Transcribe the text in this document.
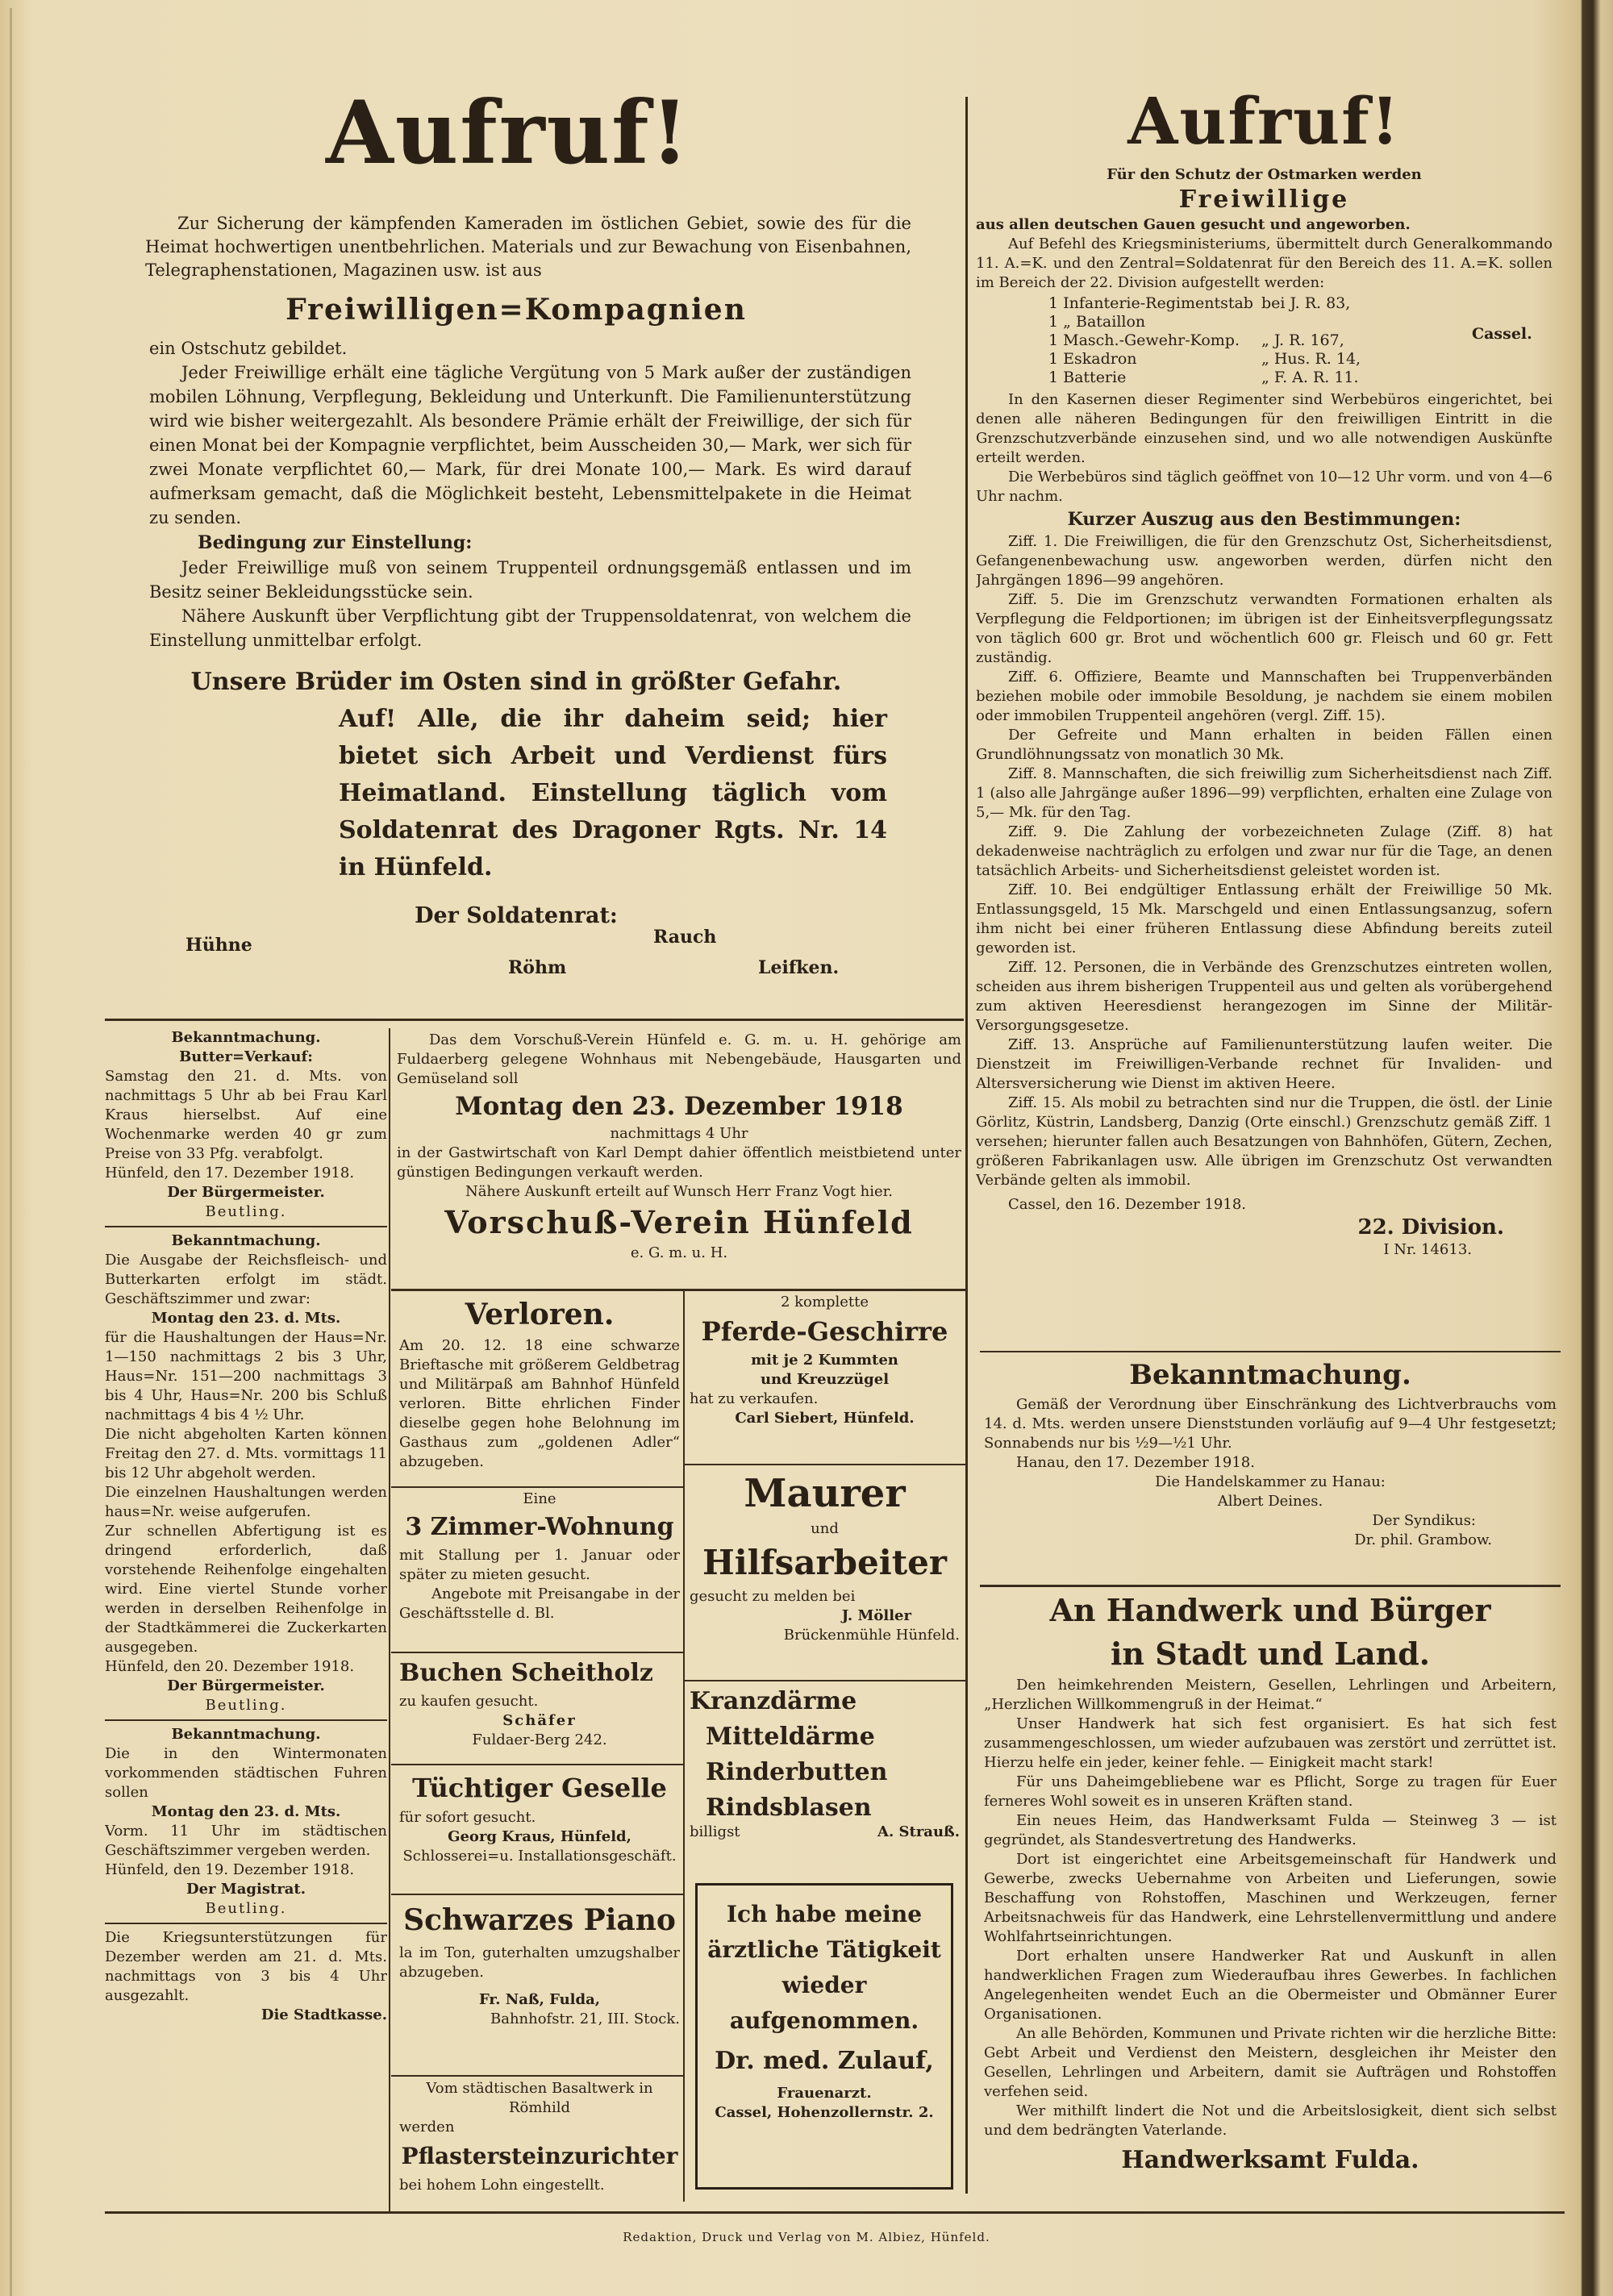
Aufruf!

Zur Sicherung der kämpfenden Kameraden im östlichen Gebiet, sowie des für die Heimat hochwertigen unentbehrlichen. Materials und zur Bewachung von Eisenbahnen, Telegraphenstationen, Magazinen usw. ist aus

Freiwilligen=Kompagnien

ein Ostschutz gebildet.

Jeder Freiwillige erhält eine tägliche Vergütung von 5 Mark außer der zuständigen mobilen Löhnung, Verpflegung, Bekleidung und Unterkunft. Die Familienunterstützung wird wie bisher weitergezahlt. Als besondere Prämie erhält der Freiwillige, der sich für einen Monat bei der Kompagnie verpflichtet, beim Ausscheiden 30,— Mark, wer sich für zwei Monate verpflichtet 60,— Mark, für drei Monate 100,— Mark. Es wird darauf aufmerksam gemacht, daß die Möglichkeit besteht, Lebensmittelpakete in die Heimat zu senden.

Bedingung zur Einstellung:

Jeder Freiwillige muß von seinem Truppenteil ordnungsgemäß entlassen und im Besitz seiner Bekleidungsstücke sein.

Nähere Auskunft über Verpflichtung gibt der Truppensoldatenrat, von welchem die Einstellung unmittelbar erfolgt.

Unsere Brüder im Osten sind in größter Gefahr.

Auf! Alle, die ihr daheim seid; hier bietet sich Arbeit und Verdienst fürs Heimatland. Einstellung täglich vom Soldatenrat des Dragoner Rgts. Nr. 14 in Hünfeld.

Der Soldatenrat:

Hühne	Rauch
Röhm	Leifken.

Bekanntmachung.

Butter=Verkauf:

Samstag den 21. d. Mts. von nachmittags 5 Uhr ab bei Frau Karl Kraus hierselbst. Auf eine Wochenmarke werden 40 gr zum Preise von 33 Pfg. verabfolgt.

Hünfeld, den 17. Dezember 1918.

Der Bürgermeister.

Beutling.

Bekanntmachung.

Die Ausgabe der Reichsfleisch- und Butterkarten erfolgt im städt. Geschäftszimmer und zwar:

Montag den 23. d. Mts.

für die Haushaltungen der Haus=Nr. 1—150 nachmittags 2 bis 3 Uhr, Haus=Nr. 151—200 nachmittags 3 bis 4 Uhr, Haus=Nr. 200 bis Schluß nachmittags 4 bis 4 ½ Uhr.

Die nicht abgeholten Karten können Freitag den 27. d. Mts. vormittags 11 bis 12 Uhr abgeholt werden.

Die einzelnen Haushaltungen werden haus=Nr. weise aufgerufen.

Zur schnellen Abfertigung ist es dringend erforderlich, daß vorstehende Reihenfolge eingehalten wird. Eine viertel Stunde vorher werden in derselben Reihenfolge in der Stadtkämmerei die Zuckerkarten ausgegeben.

Hünfeld, den 20. Dezember 1918.

Der Bürgermeister.

Beutling.

Bekanntmachung.

Die in den Wintermonaten vorkommenden städtischen Fuhren sollen

Montag den 23. d. Mts.

Vorm. 11 Uhr im städtischen Geschäftszimmer vergeben werden.

Hünfeld, den 19. Dezember 1918.

Der Magistrat.

Beutling.

Die Kriegsunterstützungen für Dezember werden am 21. d. Mts. nachmittags von 3 bis 4 Uhr ausgezahlt.

Die Stadtkasse.

Das dem Vorschuß-Verein Hünfeld e. G. m. u. H. gehörige am Fuldaerberg gelegene Wohnhaus mit Nebengebäude, Hausgarten und Gemüseland soll

Montag den 23. Dezember 1918

nachmittags 4 Uhr

in der Gastwirtschaft von Karl Dempt dahier öffentlich meistbietend unter günstigen Bedingungen verkauft werden.

Nähere Auskunft erteilt auf Wunsch Herr Franz Vogt hier.

Vorschuß-Verein Hünfeld

e. G. m. u. H.

Verloren.

Am 20. 12. 18 eine schwarze Brieftasche mit größerem Geldbetrag und Militärpaß am Bahnhof Hünfeld verloren. Bitte ehrlichen Finder dieselbe gegen hohe Belohnung im Gasthaus zum „goldenen Adler“ abzugeben.

2 komplette

Pferde-Geschirre

mit je 2 Kummten

und Kreuzzügel

hat zu verkaufen.

Carl Siebert, Hünfeld.

Eine

3 Zimmer-Wohnung

mit Stallung per 1. Januar oder später zu mieten gesucht.

Angebote mit Preisangabe in der Geschäftsstelle d. Bl.

Maurer

und

Hilfsarbeiter

gesucht zu melden bei

J. Möller

Brückenmühle Hünfeld.

Buchen Scheitholz

zu kaufen gesucht.

Schäfer

Fuldaer-Berg 242.

Kranzdärme

Mitteldärme

Rinderbutten

Rindsblasen

billigst	A. Strauß.

Tüchtiger Geselle

für sofort gesucht.

Georg Kraus, Hünfeld,

Schlosserei=u. Installationsgeschäft.

Schwarzes Piano

la im Ton, guterhalten umzugshalber abzugeben.

Fr. Naß, Fulda,

Bahnhofstr. 21, III. Stock.

Vom städtischen Basaltwerk in Römhild

werden

Pflastersteinzurichter

bei hohem Lohn eingestellt.

Ich habe meine

ärztliche Tätigkeit

wieder

aufgenommen.

Dr. med. Zulauf,

Frauenarzt.

Cassel, Hohenzollernstr. 2.

Aufruf!

Für den Schutz der Ostmarken werden

Freiwillige

aus allen deutschen Gauen gesucht und angeworben.

Auf Befehl des Kriegsministeriums, übermittelt durch Generalkommando 11. A.=K. und den Zentral=Soldatenrat für den Bereich des 11. A.=K. sollen im Bereich der 22. Division aufgestellt werden:

1 Infanterie-Regimentstab	bei J. R. 83,
1 „ Bataillon	
1 Masch.-Gewehr-Komp.	„ J. R. 167,
1 Eskadron	„ Hus. R. 14,
1 Batterie	„ F. A. R. 11.
Cassel.

In den Kasernen dieser Regimenter sind Werbebüros eingerichtet, bei denen alle näheren Bedingungen für den freiwilligen Eintritt in die Grenzschutzverbände einzusehen sind, und wo alle notwendigen Auskünfte erteilt werden.

Die Werbebüros sind täglich geöffnet von 10—12 Uhr vorm. und von 4—6 Uhr nachm.

Kurzer Auszug aus den Bestimmungen:

Ziff. 1. Die Freiwilligen, die für den Grenzschutz Ost, Sicherheitsdienst, Gefangenenbewachung usw. angeworben werden, dürfen nicht den Jahrgängen 1896—99 angehören.

Ziff. 5. Die im Grenzschutz verwandten Formationen erhalten als Verpflegung die Feldportionen; im übrigen ist der Einheitsverpflegungssatz von täglich 600 gr. Brot und wöchentlich 600 gr. Fleisch und 60 gr. Fett zuständig.

Ziff. 6. Offiziere, Beamte und Mannschaften bei Truppenverbänden beziehen mobile oder immobile Besoldung, je nachdem sie einem mobilen oder immobilen Truppenteil angehören (vergl. Ziff. 15).

Der Gefreite und Mann erhalten in beiden Fällen einen Grundlöhnungssatz von monatlich 30 Mk.

Ziff. 8. Mannschaften, die sich freiwillig zum Sicherheitsdienst nach Ziff. 1 (also alle Jahrgänge außer 1896—99) verpflichten, erhalten eine Zulage von 5,— Mk. für den Tag.

Ziff. 9. Die Zahlung der vorbezeichneten Zulage (Ziff. 8) hat dekadenweise nachträglich zu erfolgen und zwar nur für die Tage, an denen tatsächlich Arbeits- und Sicherheitsdienst geleistet worden ist.

Ziff. 10. Bei endgültiger Entlassung erhält der Freiwillige 50 Mk. Entlassungsgeld, 15 Mk. Marschgeld und einen Entlassungsanzug, sofern ihm nicht bei einer früheren Entlassung diese Abfindung bereits zuteil geworden ist.

Ziff. 12. Personen, die in Verbände des Grenzschutzes eintreten wollen, scheiden aus ihrem bisherigen Truppenteil aus und gelten als vorübergehend zum aktiven Heeresdienst herangezogen im Sinne der Militär-Versorgungsgesetze.

Ziff. 13. Ansprüche auf Familienunterstützung laufen weiter. Die Dienstzeit im Freiwilligen-Verbande rechnet für Invaliden- und Altersversicherung wie Dienst im aktiven Heere.

Ziff. 15. Als mobil zu betrachten sind nur die Truppen, die östl. der Linie Görlitz, Küstrin, Landsberg, Danzig (Orte einschl.) Grenzschutz gemäß Ziff. 1 versehen; hierunter fallen auch Besatzungen von Bahnhöfen, Gütern, Zechen, größeren Fabrikanlagen usw. Alle übrigen im Grenzschutz Ost verwandten Verbände gelten als immobil.

Cassel, den 16. Dezember 1918.

22. Division.

I Nr. 14613.

Bekanntmachung.

Gemäß der Verordnung über Einschränkung des Lichtverbrauchs vom 14. d. Mts. werden unsere Dienststunden vorläufig auf 9—4 Uhr festgesetzt; Sonnabends nur bis ½9—½1 Uhr.

Hanau, den 17. Dezember 1918.

Die Handelskammer zu Hanau:

Albert Deines.

Der Syndikus:

Dr. phil. Grambow.

An Handwerk und Bürger

in Stadt und Land.

Den heimkehrenden Meistern, Gesellen, Lehrlingen und Arbeitern, „Herzlichen Willkommengruß in der Heimat.“

Unser Handwerk hat sich fest organisiert. Es hat sich fest zusammengeschlossen, um wieder aufzubauen was zerstört und zerrüttet ist. Hierzu helfe ein jeder, keiner fehle. — Einigkeit macht stark!

Für uns Daheimgebliebene war es Pflicht, Sorge zu tragen für Euer ferneres Wohl soweit es in unseren Kräften stand.

Ein neues Heim, das Handwerksamt Fulda — Steinweg 3 — ist gegründet, als Standesvertretung des Handwerks.

Dort ist eingerichtet eine Arbeitsgemeinschaft für Handwerk und Gewerbe, zwecks Uebernahme von Arbeiten und Lieferungen, sowie Beschaffung von Rohstoffen, Maschinen und Werkzeugen, ferner Arbeitsnachweis für das Handwerk, eine Lehrstellenvermittlung und andere Wohlfahrtseinrichtungen.

Dort erhalten unsere Handwerker Rat und Auskunft in allen handwerklichen Fragen zum Wiederaufbau ihres Gewerbes. In fachlichen Angelegenheiten wendet Euch an die Obermeister und Obmänner Eurer Organisationen.

An alle Behörden, Kommunen und Private richten wir die herzliche Bitte: Gebt Arbeit und Verdienst den Meistern, desgleichen ihr Meister den Gesellen, Lehrlingen und Arbeitern, damit sie Aufträgen und Rohstoffen verfehen seid.

Wer mithilft lindert die Not und die Arbeitslosigkeit, dient sich selbst und dem bedrängten Vaterlande.

Handwerksamt Fulda.

Redaktion, Druck und Verlag von M. Albiez, Hünfeld.
